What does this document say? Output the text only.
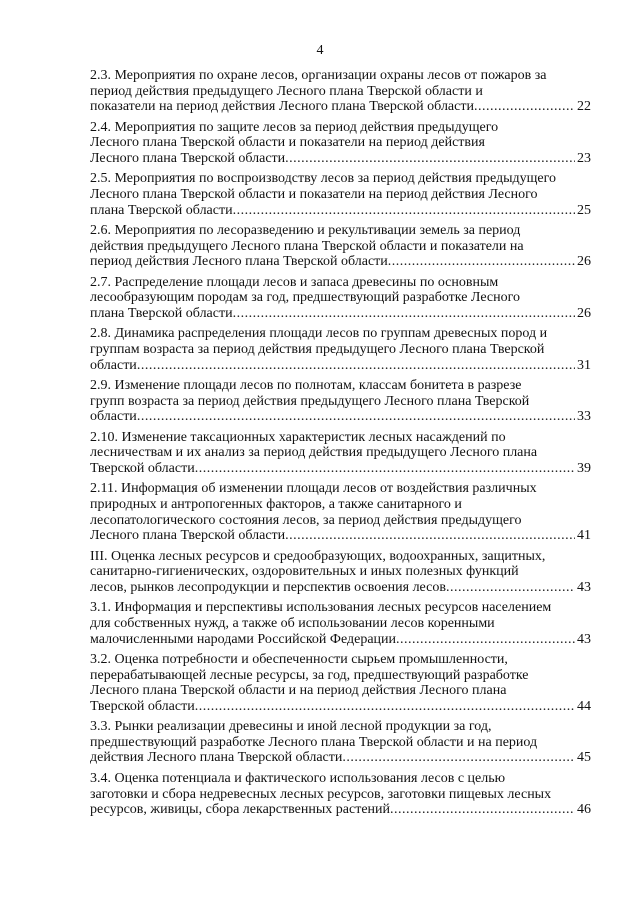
4
2.3. Мероприятия по охране лесов, организации охраны лесов от пожаров за
период действия предыдущего Лесного плана Тверской области и
показатели на период действия Лесного плана Тверской области .....	22
2.4. Мероприятия по защите лесов за период действия предыдущего
Лесного плана Тверской области и показатели на период действия
Лесного плана Тверской области .....	23
2.5. Мероприятия по воспроизводству лесов за период действия предыдущего
Лесного плана Тверской области и показатели на период действия Лесного
плана Тверской области .....	25
2.6. Мероприятия по лесоразведению и рекультивации земель за период
действия предыдущего Лесного плана Тверской области и показатели на
период действия Лесного плана Тверской области .....	26
2.7. Распределение площади лесов и запаса древесины по основным
лесообразующим породам за год, предшествующий разработке Лесного
плана Тверской области .....	26
2.8. Динамика распределения площади лесов по группам древесных пород и
группам возраста за период действия предыдущего Лесного плана Тверской
области .....	31
2.9. Изменение площади лесов по полнотам, классам бонитета в разрезе
групп возраста за период действия предыдущего Лесного плана Тверской
области .....	33
2.10. Изменение таксационных характеристик лесных насаждений по
лесничествам и их анализ за период действия предыдущего Лесного плана
Тверской области .....	39
2.11. Информация об изменении площади лесов от воздействия различных
природных и антропогенных факторов, а также санитарного и
лесопатологического состояния лесов, за период действия предыдущего
Лесного плана Тверской области .....	41
III. Оценка лесных ресурсов и средообразующих, водоохранных, защитных,
санитарно-гигиенических, оздоровительных и иных полезных функций
лесов, рынков лесопродукции и перспектив освоения лесов .....	43
3.1. Информация и перспективы использования лесных ресурсов населением
для собственных нужд, а также об использовании лесов коренными
малочисленными народами Российской Федерации .....	43
3.2. Оценка потребности и обеспеченности сырьем промышленности,
перерабатывающей лесные ресурсы, за год, предшествующий разработке
Лесного плана Тверской области и на период действия Лесного плана
Тверской области .....	44
3.3. Рынки реализации древесины и иной лесной продукции за год,
предшествующий разработке Лесного плана Тверской области и на период
действия Лесного плана Тверской области .....	45
3.4. Оценка потенциала и фактического использования лесов с целью
заготовки и сбора недревесных лесных ресурсов, заготовки пищевых лесных
ресурсов, живицы, сбора лекарственных растений .....	46
